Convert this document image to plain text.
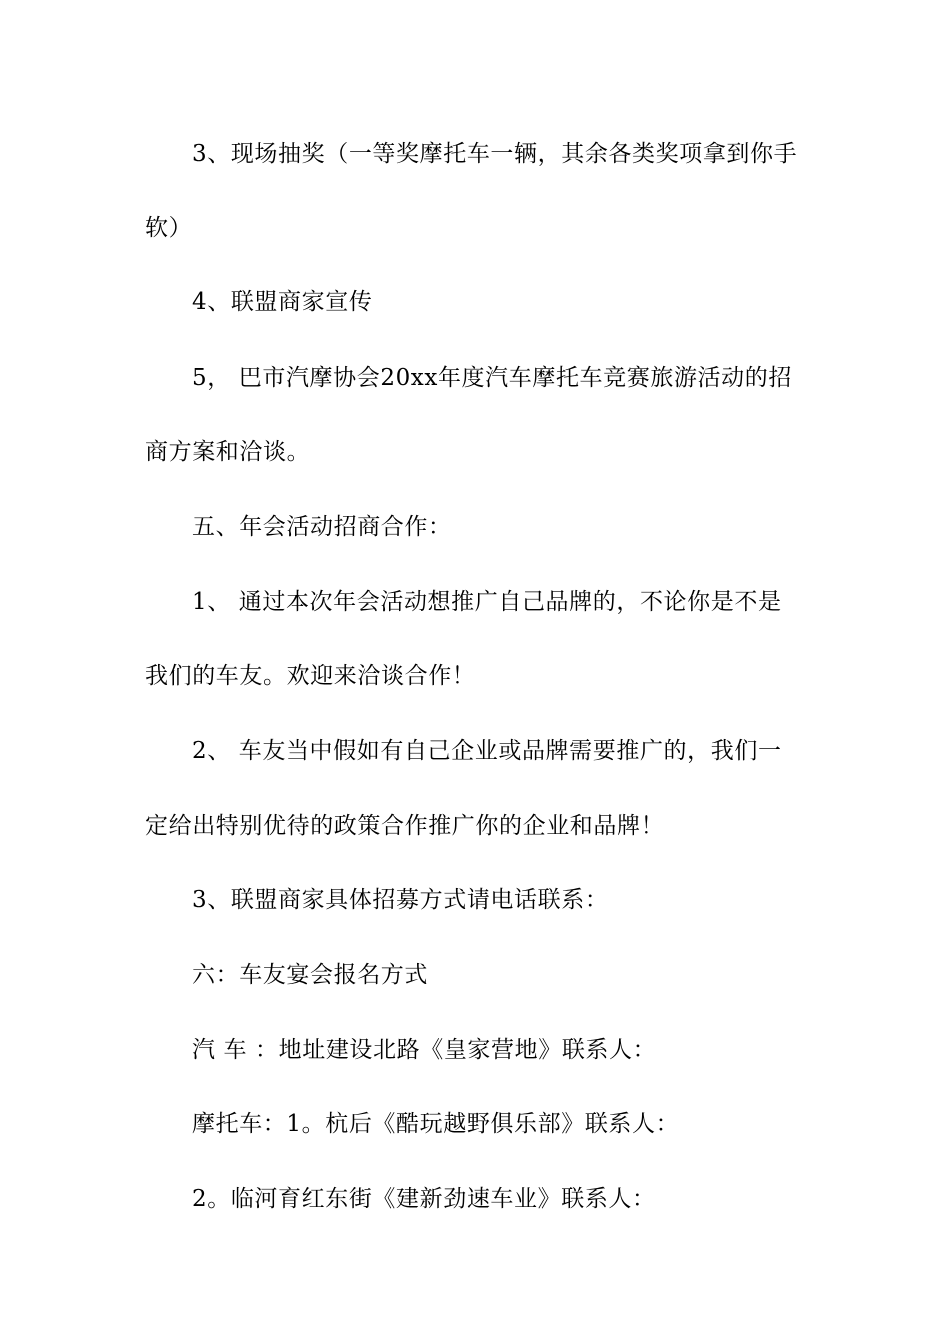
3、现场抽奖（一等奖摩托车一辆，其余各类奖项拿到你手
软）
4、联盟商家宣传
5， 巴市汽摩协会20xx年度汽车摩托车竞赛旅游活动的招
商方案和洽谈。
五、年会活动招商合作：
1、 通过本次年会活动想推广自己品牌的，不论你是不是
我们的车友。欢迎来洽谈合作！
2、 车友当中假如有自己企业或品牌需要推广的，我们一
定给出特别优待的政策合作推广你的企业和品牌！
3、联盟商家具体招募方式请电话联系：
六：车友宴会报名方式
汽 车 ：地址建设北路《皇家营地》联系人：
摩托车：1。杭后《酷玩越野俱乐部》联系人：
2。临河育红东街《建新劲速车业》联系人：
